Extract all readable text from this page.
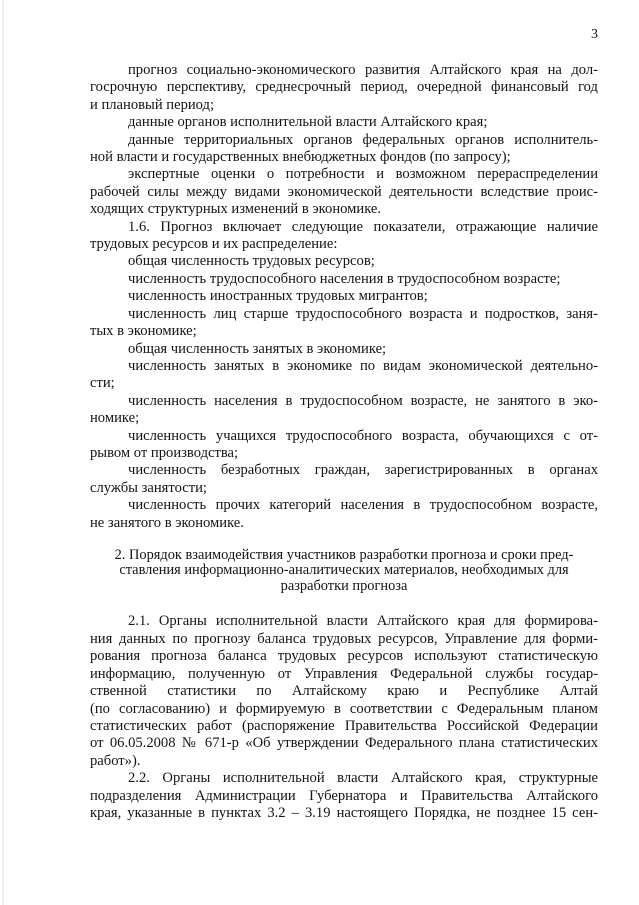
3
прогноз социально-экономического развития Алтайского края на дол-
госрочную перспективу, среднесрочный период, очередной финансовый год
и плановый период;
данные органов исполнительной власти Алтайского края;
данные территориальных органов федеральных органов исполнитель-
ной власти и государственных внебюджетных фондов (по запросу);
экспертные оценки о потребности и возможном перераспределении
рабочей силы между видами экономической деятельности вследствие проис-
ходящих структурных изменений в экономике.
1.6. Прогноз включает следующие показатели, отражающие наличие
трудовых ресурсов и их распределение:
общая численность трудовых ресурсов;
численность трудоспособного населения в трудоспособном возрасте;
численность иностранных трудовых мигрантов;
численность лиц старше трудоспособного возраста и подростков, заня-
тых в экономике;
общая численность занятых в экономике;
численность занятых в экономике по видам экономической деятельно-
сти;
численность населения в трудоспособном возрасте, не занятого в эко-
номике;
численность учащихся трудоспособного возраста, обучающихся с от-
рывом от производства;
численность безработных граждан, зарегистрированных в органах
службы занятости;
численность прочих категорий населения в трудоспособном возрасте,
не занятого в экономике.
2. Порядок взаимодействия участников разработки прогноза и сроки пред-
ставления информационно-аналитических материалов, необходимых для
разработки прогноза
2.1. Органы исполнительной власти Алтайского края для формирова-
ния данных по прогнозу баланса трудовых ресурсов, Управление для форми-
рования прогноза баланса трудовых ресурсов используют статистическую
информацию, полученную от Управления Федеральной службы государ-
ственной статистики по Алтайскому краю и Республике Алтай
(по согласованию) и формируемую в соответствии с Федеральным планом
статистических работ (распоряжение Правительства Российской Федерации
от 06.05.2008 № 671-р «Об утверждении Федерального плана статистических
работ»).
2.2. Органы исполнительной власти Алтайского края, структурные
подразделения Администрации Губернатора и Правительства Алтайского
края, указанные в пунктах 3.2 – 3.19 настоящего Порядка, не позднее 15 сен-
